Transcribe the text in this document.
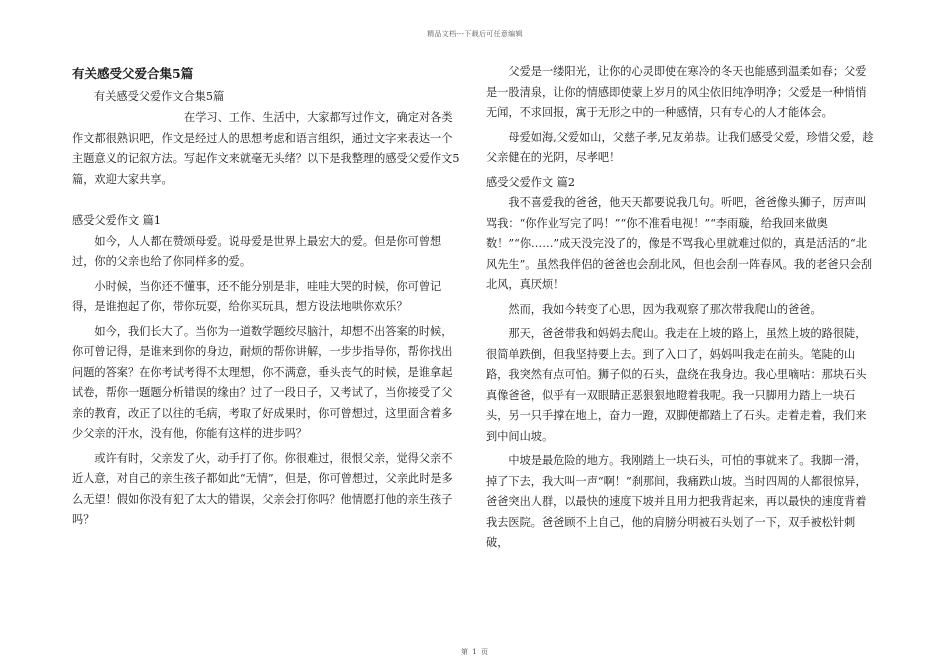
精品文档---下载后可任意编辑

有关感受父爱合集5篇

有关感受父爱作文合集5篇

在学习、工作、生活中，大家都写过作文，确定对各类作文都很熟识吧，作文是经过人的思想考虑和语言组织，通过文字来表达一个主题意义的记叙方法。写起作文来就毫无头绪？以下是我整理的感受父爱作文5篇，欢迎大家共享。

感受父爱作文 篇1

如今，人人都在赞颂母爱。说母爱是世界上最宏大的爱。但是你可曾想过，你的父亲也给了你同样多的爱。

小时候，当你还不懂事，还不能分别是非，哇哇大哭的时候，你可曾记得，是谁抱起了你，带你玩耍，给你买玩具，想方设法地哄你欢乐？

如今，我们长大了。当你为一道数学题绞尽脑汁，却想不出答案的时候，你可曾记得，是谁来到你的身边，耐烦的帮你讲解，一步步指导你，帮你找出问题的答案？在你考试考得不太理想，你不满意，垂头丧气的时候，是谁拿起试卷，帮你一题题分析错误的缘由？过了一段日子，又考试了，当你接受了父亲的教育，改正了以往的毛病，考取了好成果时，你可曾想过，这里面含着多少父亲的汗水，没有他，你能有这样的进步吗？

或许有时，父亲发了火，动手打了你。你很难过，很恨父亲，觉得父亲不近人意，对自己的亲生孩子都如此“无情”，但是，你可曾想过，父亲此时是多么无望！假如你没有犯了太大的错误，父亲会打你吗？他情愿打他的亲生孩子吗？

父爱是一缕阳光，让你的心灵即使在寒冷的冬天也能感到温柔如春；父爱是一股清泉，让你的情感即使蒙上岁月的风尘依旧纯净明净；父爱是一种悄悄无闻，不求回报，寓于无形之中的一种感情，只有专心的人才能体会。

母爱如海,父爱如山，父慈子孝,兄友弟恭。让我们感受父爱，珍惜父爱，趁父亲健在的光阴，尽孝吧！

感受父爱作文 篇2

我不喜爱我的爸爸，他天天都要说我几句。听吧，爸爸像头狮子，厉声叫骂我：“你作业写完了吗！”“你不准看电视！”“李雨璇，给我回来做奥数！”“你……”成天没完没了的，像是不骂我心里就难过似的，真是活活的“北风先生”。虽然我伴侣的爸爸也会刮北风，但也会刮一阵春风。我的老爸只会刮北风，真厌烦！

然而，我如今转变了心思，因为我观察了那次带我爬山的爸爸。

那天，爸爸带我和妈妈去爬山。我走在上坡的路上，虽然上坡的路很陡，很简单跌倒，但我坚持要上去。到了入口了，妈妈叫我走在前头。笔陡的山路，我突然有点可怕。狮子似的石头，盘绕在我身边。我心里嘀咕：那块石头真像爸爸，似乎有一双眼睛正恶狠狠地瞪着我呢。我一只脚用力踏上一块石头，另一只手撑在地上，奋力一蹬，双脚便都踏上了石头。走着走着，我们来到中间山坡。

中坡是最危险的地方。我刚踏上一块石头，可怕的事就来了。我脚一滑，掉了下去，我大叫一声“啊！”刹那间，我痛跌山坡。当时四周的人都很惊异，爸爸突出人群，以最快的速度下坡并且用力把我背起来，再以最快的速度背着我去医院。爸爸顾不上自己，他的肩膀分明被石头划了一下，双手被松针刺破，

第 1 页
